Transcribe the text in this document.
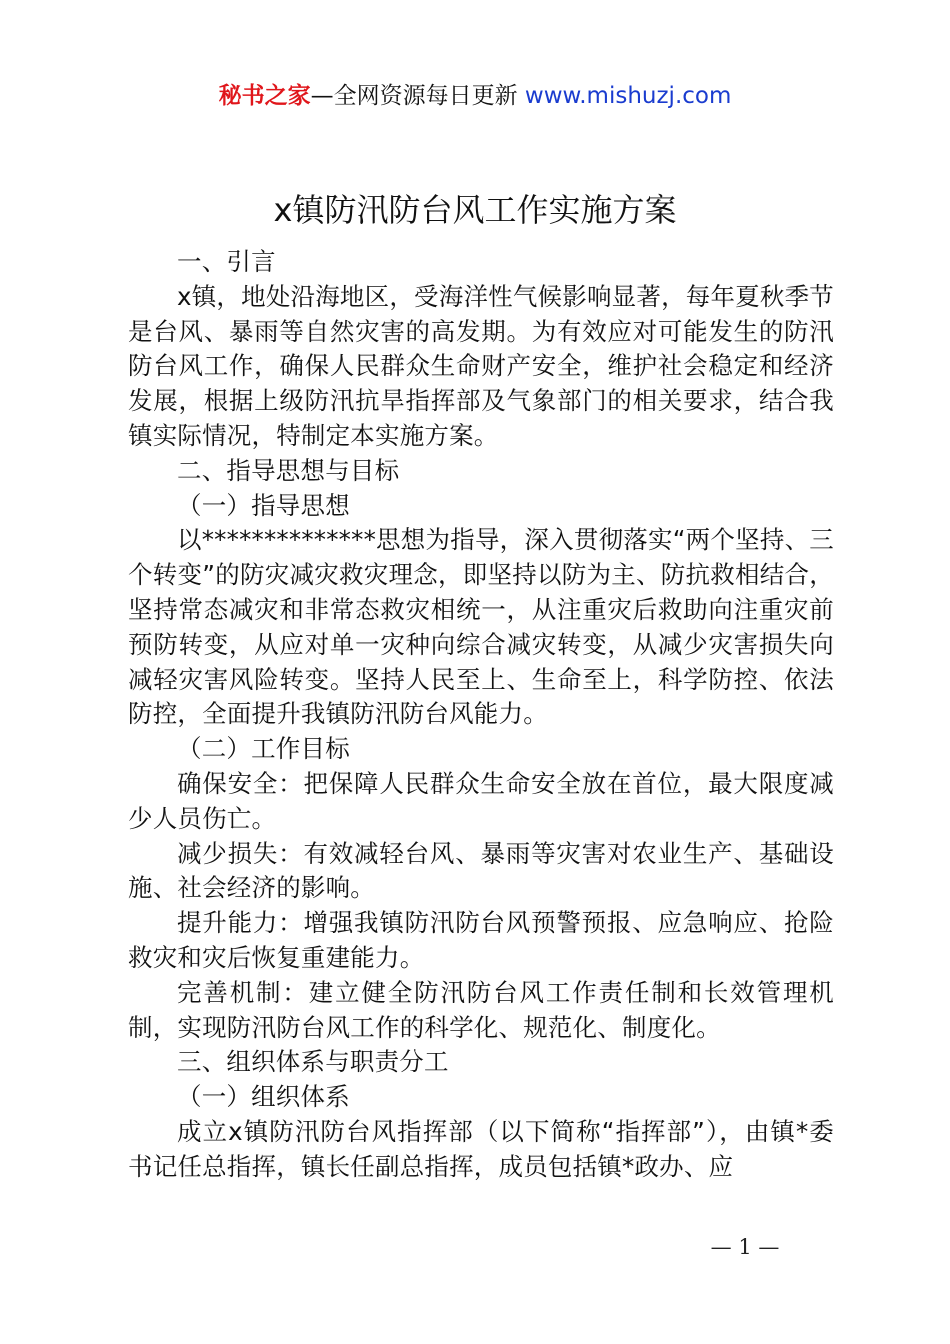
秘书之家—全网资源每日更新 www.mishuzj.com
x镇防汛防台风工作实施方案

一、引言

x镇，地处沿海地区，受海洋性气候影响显著，每年夏秋季节是台风、暴雨等自然灾害的高发期。为有效应对可能发生的防汛防台风工作，确保人民群众生命财产安全，维护社会稳定和经济发展，根据上级防汛抗旱指挥部及气象部门的相关要求，结合我镇实际情况，特制定本实施方案。

二、指导思想与目标

（一）指导思想

以**************思想为指导，深入贯彻落实“两个坚持、三个转变”的防灾减灾救灾理念，即坚持以防为主、防抗救相结合，坚持常态减灾和非常态救灾相统一，从注重灾后救助向注重灾前预防转变，从应对单一灾种向综合减灾转变，从减少灾害损失向减轻灾害风险转变。坚持人民至上、生命至上，科学防控、依法防控，全面提升我镇防汛防台风能力。

（二）工作目标

确保安全：把保障人民群众生命安全放在首位，最大限度减少人员伤亡。

减少损失：有效减轻台风、暴雨等灾害对农业生产、基础设施、社会经济的影响。

提升能力：增强我镇防汛防台风预警预报、应急响应、抢险救灾和灾后恢复重建能力。

完善机制：建立健全防汛防台风工作责任制和长效管理机制，实现防汛防台风工作的科学化、规范化、制度化。

三、组织体系与职责分工

（一）组织体系

成立x镇防汛防台风指挥部（以下简称“指挥部”），由镇*委书记任总指挥，镇长任副总指挥，成员包括镇*政办、应

— 1 —
